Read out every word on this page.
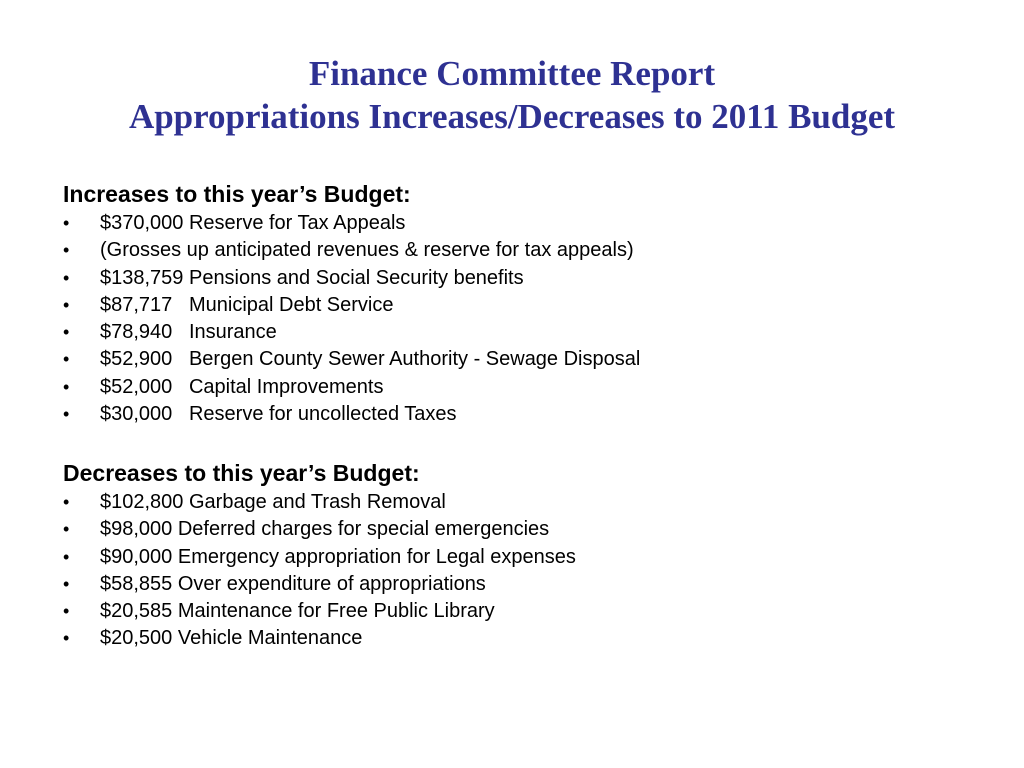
Finance Committee Report
Appropriations Increases/Decreases to 2011 Budget
Increases to this year’s Budget:
• $370,000 Reserve for Tax Appeals
• (Grosses up anticipated revenues & reserve for tax appeals)
• $138,759 Pensions and Social Security benefits
• $87,717   Municipal Debt Service
• $78,940   Insurance
• $52,900   Bergen County Sewer Authority - Sewage Disposal
• $52,000   Capital Improvements
• $30,000   Reserve for uncollected Taxes
Decreases to this year’s Budget:
• $102,800 Garbage and Trash Removal
• $98,000 Deferred charges for special emergencies
• $90,000 Emergency appropriation for Legal expenses
• $58,855 Over expenditure of appropriations
• $20,585 Maintenance for Free Public Library
• $20,500 Vehicle Maintenance
